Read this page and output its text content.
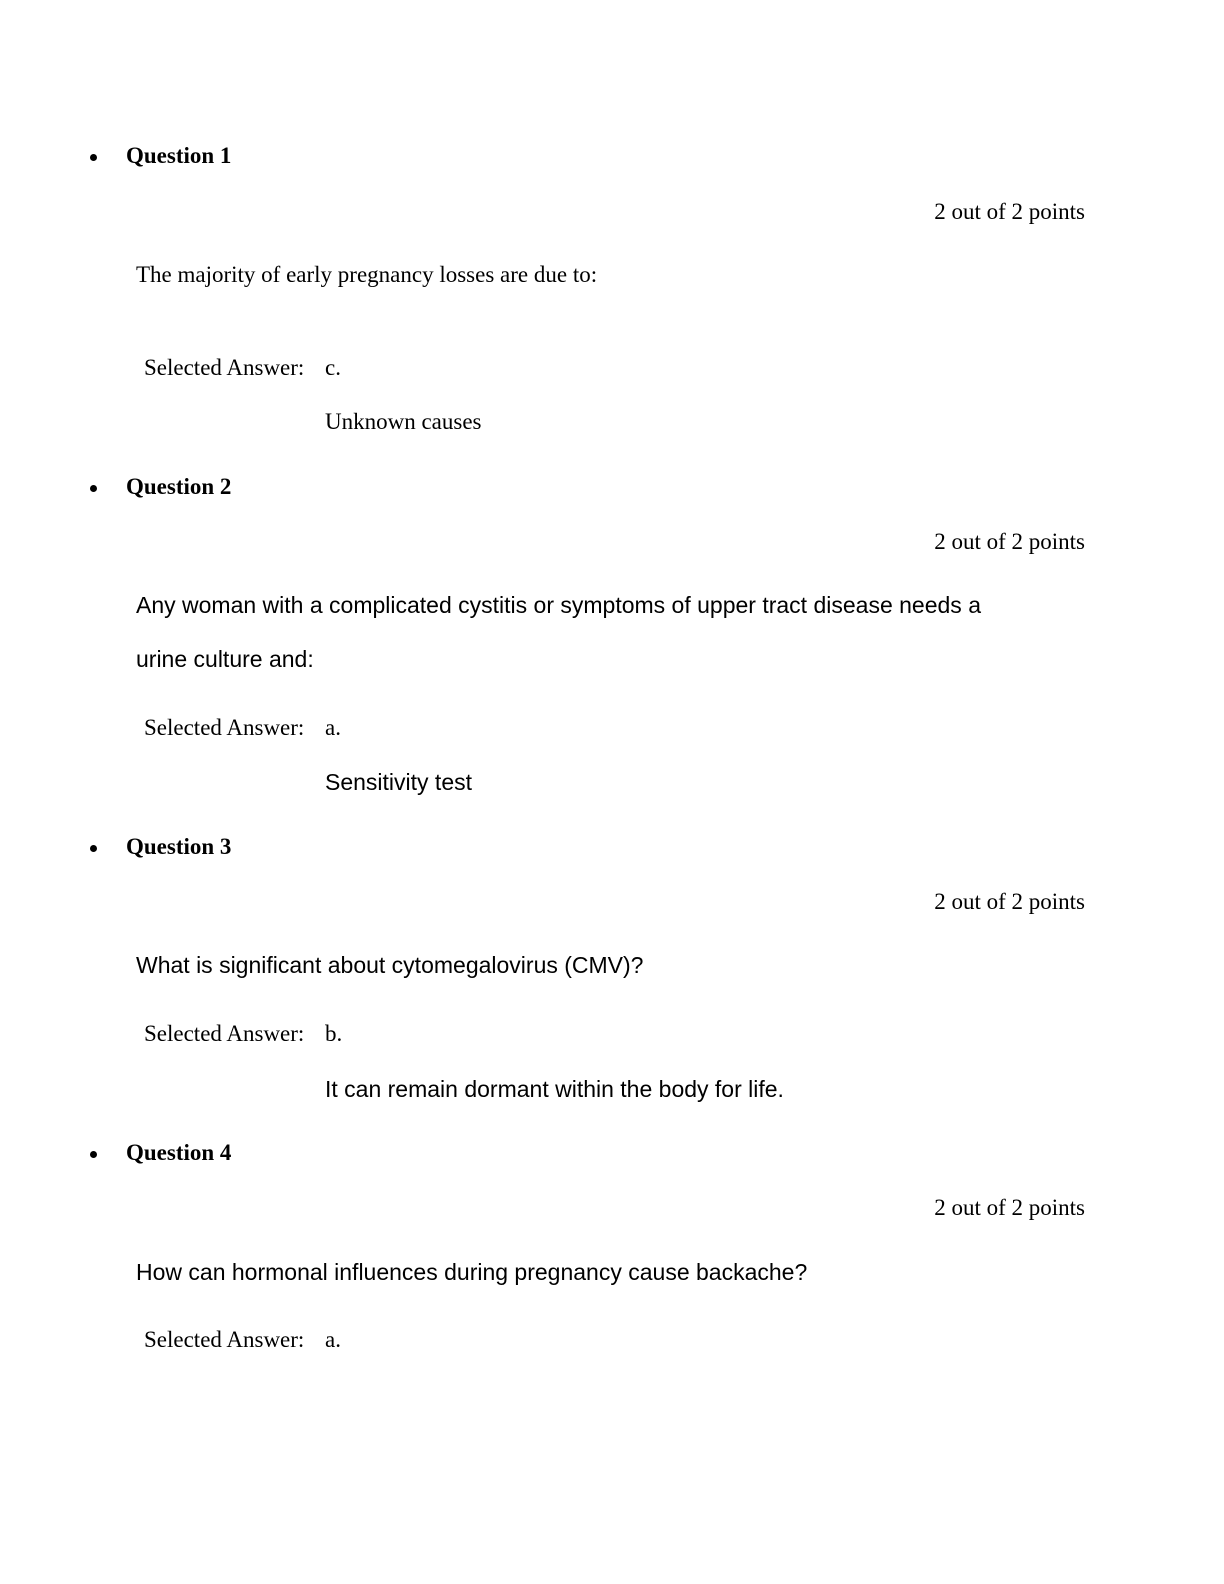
Question 1
2 out of 2 points
The majority of early pregnancy losses are due to:
Selected Answer: c.
Unknown causes
Question 2
2 out of 2 points
Any woman with a complicated cystitis or symptoms of upper tract disease needs a urine culture and:
Selected Answer: a.
Sensitivity test
Question 3
2 out of 2 points
What is significant about cytomegalovirus (CMV)?
Selected Answer: b.
It can remain dormant within the body for life.
Question 4
2 out of 2 points
How can hormonal influences during pregnancy cause backache?
Selected Answer: a.
